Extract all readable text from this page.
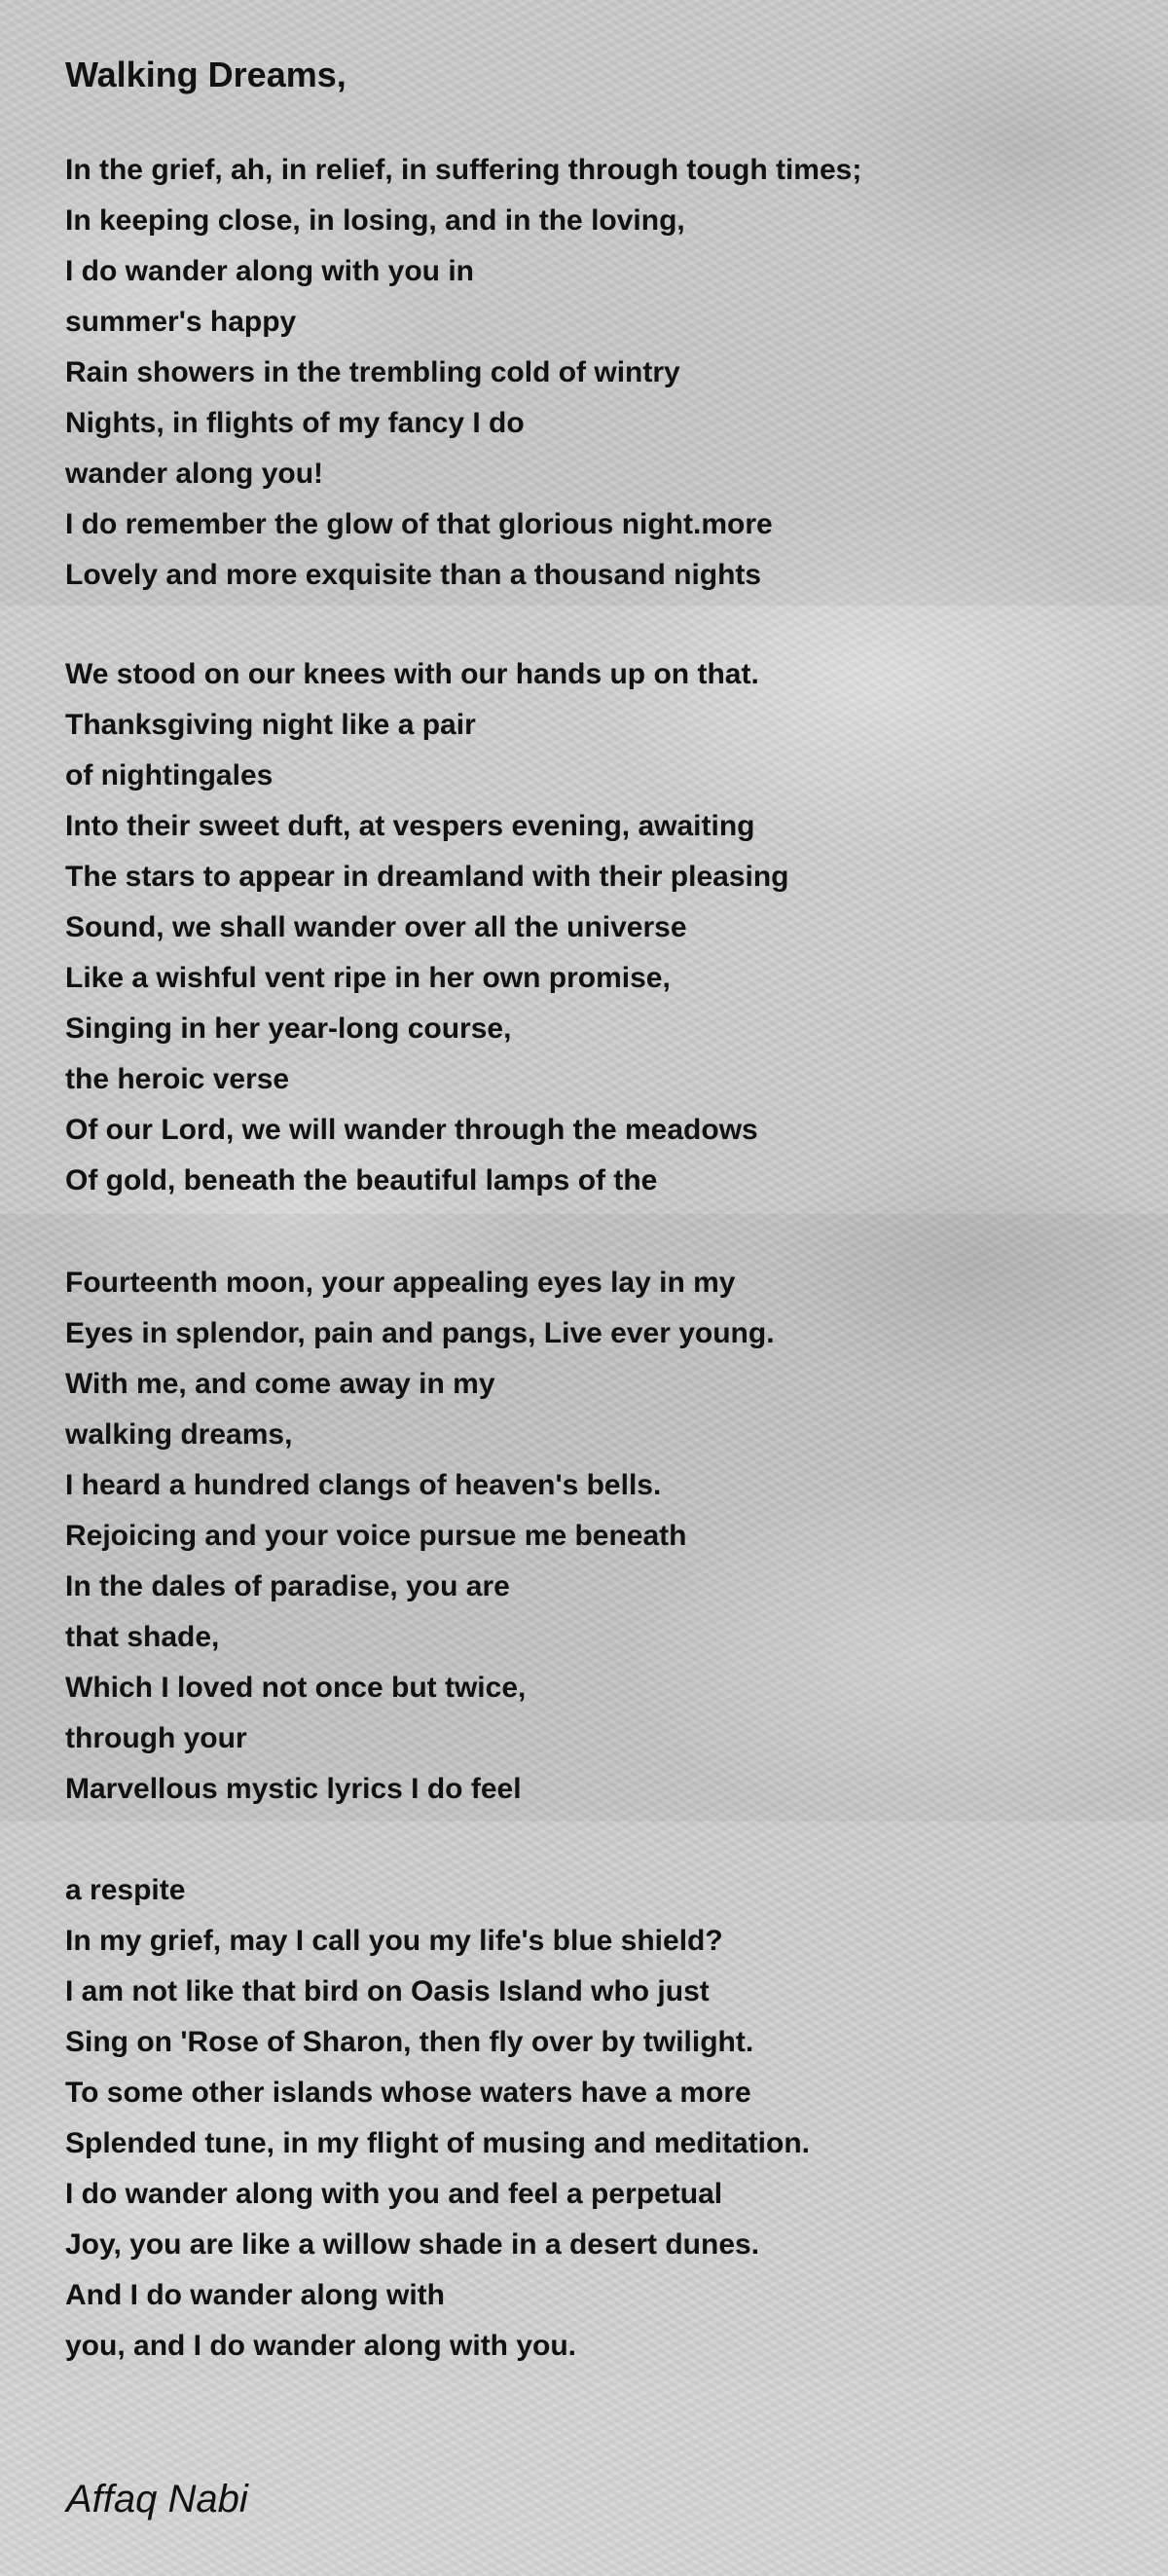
Walking Dreams,
In the grief, ah, in relief, in suffering through tough times;
In keeping close, in losing, and in the loving,
I do wander along with you in
summer's happy
Rain showers in the trembling cold of wintry
Nights, in flights of my fancy I do
wander along you!
I do remember the glow of that glorious night.more
Lovely and more exquisite than a thousand nights
We stood on our knees with our hands up on that.
Thanksgiving night like a pair
of nightingales
Into their sweet duft, at vespers evening, awaiting
The stars to appear in dreamland with their pleasing
Sound, we shall wander over all the universe
Like a wishful vent ripe in her own promise,
Singing in her year-long course,
the heroic verse
Of our Lord, we will wander through the meadows
Of gold, beneath the beautiful lamps of the
Fourteenth moon, your appealing eyes lay in my
Eyes in splendor, pain and pangs, Live ever young.
With me, and come away in my
walking dreams,
I heard a hundred clangs of heaven's bells.
Rejoicing and your voice pursue me beneath
In the dales of paradise, you are
that shade,
Which I loved not once but twice,
through your
Marvellous mystic lyrics I do feel
a respite
In my grief, may I call you my life's blue shield?
I am not like that bird on Oasis Island who just
Sing on 'Rose of Sharon, then fly over by twilight.
To some other islands whose waters have a more
Splended tune, in my flight of musing and meditation.
I do wander along with you and feel a perpetual
Joy, you are like a willow shade in a desert dunes.
And I do wander along with
you, and I do wander along with you.

Affaq Nabi
